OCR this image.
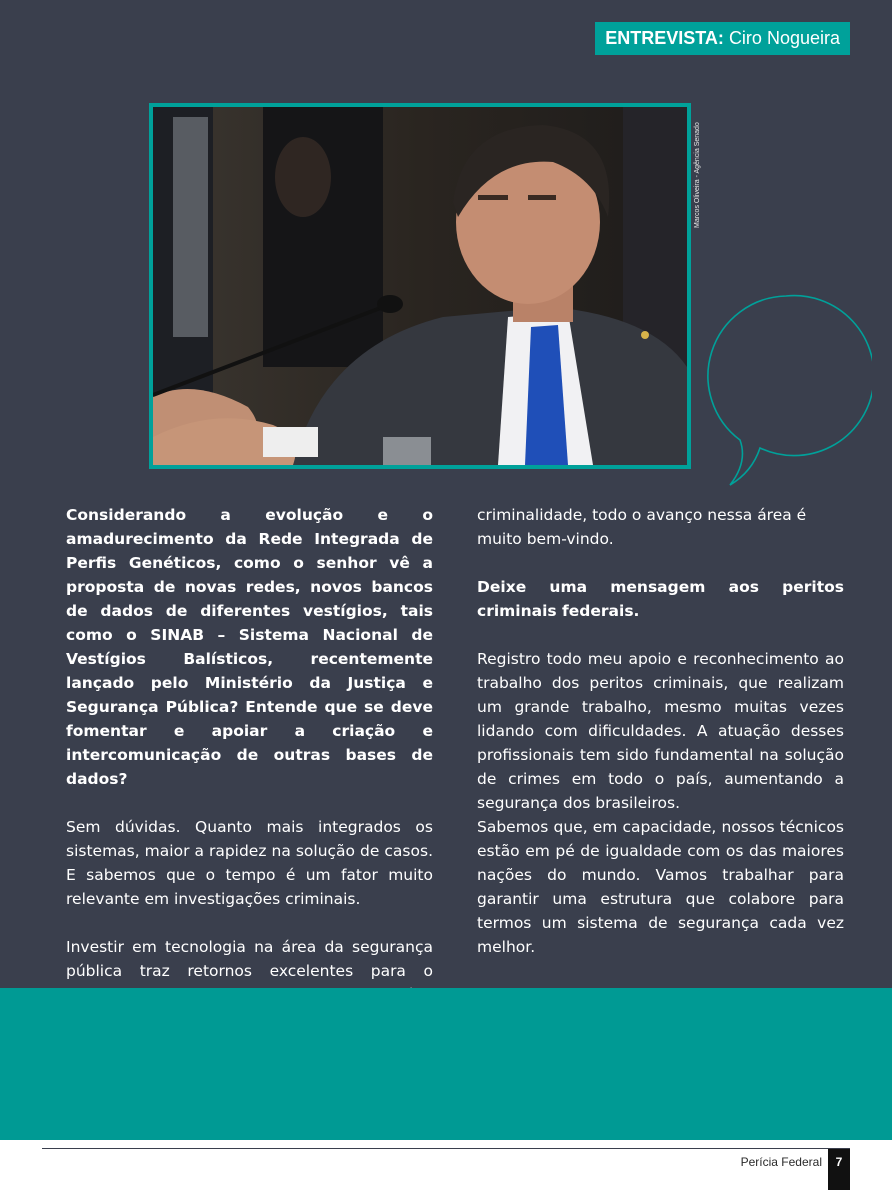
ENTREVISTA: Ciro Nogueira
Marcos Oliveira - Agência Senado

Considerando a evolução e o amadurecimento da Rede Integrada de Perfis Genéticos, como o senhor vê a proposta de novas redes, novos bancos de dados de diferentes vestígios, tais como o SINAB – Sistema Nacional de Vestígios Balísticos, recentemente lançado pelo Ministério da Justiça e Segurança Pública? Entende que se deve fomentar e apoiar a criação e intercomunicação de outras bases de dados?

Sem dúvidas. Quanto mais integrados os sistemas, maior a rapidez na solução de casos. E sabemos que o tempo é um fator muito relevante em investigações criminais.

Investir em tecnologia na área da segurança pública traz retornos excelentes para o

criminalidade, todo o avanço nessa área é muito bem-vindo.

Deixe uma mensagem aos peritos criminais federais.

Registro todo meu apoio e reconhecimento ao trabalho dos peritos criminais, que realizam um grande trabalho, mesmo muitas vezes lidando com dificuldades. A atuação desses profissionais tem sido fundamental na solução de crimes em todo o país, aumentando a segurança dos brasileiros.

Sabemos que, em capacidade, nossos técnicos estão em pé de igualdade com os das maiores nações do mundo. Vamos trabalhar para garantir uma estrutura que colabore para termos um sistema de segurança cada vez melhor.

Perícia Federal	7
